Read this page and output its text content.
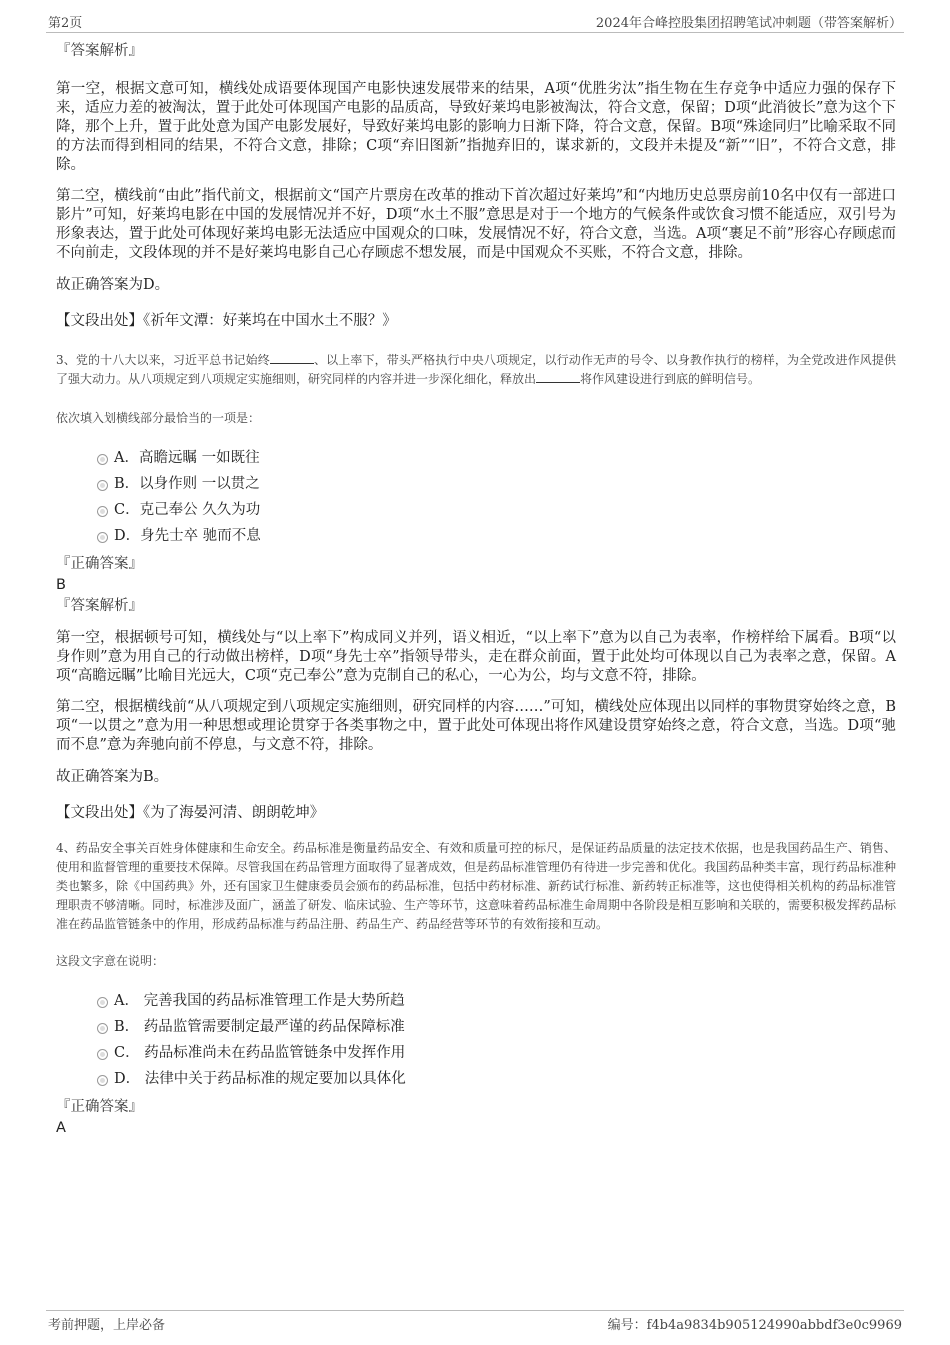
第2页	2024年合峰控股集团招聘笔试冲刺题（带答案解析）

『答案解析』

第一空，根据文意可知，横线处成语要体现国产电影快速发展带来的结果，A项“优胜劣汰”指生物在生存竞争中适应力强的保存下来，适应力差的被淘汰，置于此处可体现国产电影的品质高，导致好莱坞电影被淘汰，符合文意，保留；D项“此消彼长”意为这个下降，那个上升，置于此处意为国产电影发展好，导致好莱坞电影的影响力日渐下降，符合文意，保留。B项“殊途同归”比喻采取不同的方法而得到相同的结果，不符合文意，排除；C项“弃旧图新”指抛弃旧的，谋求新的，文段并未提及“新”“旧”，不符合文意，排除。

第二空，横线前“由此”指代前文，根据前文“国产片票房在改革的推动下首次超过好莱坞”和“内地历史总票房前10名中仅有一部进口影片”可知，好莱坞电影在中国的发展情况并不好，D项“水土不服”意思是对于一个地方的气候条件或饮食习惯不能适应，双引号为形象表达，置于此处可体现好莱坞电影无法适应中国观众的口味，发展情况不好，符合文意，当选。A项“裹足不前”形容心存顾虑而不向前走，文段体现的并不是好莱坞电影自己心存顾虑不想发展，而是中国观众不买账，不符合文意，排除。

故正确答案为D。

【文段出处】《祈年文潭：好莱坞在中国水土不服？》

3、党的十八大以来，习近平总书记始终	、以上率下，带头严格执行中央八项规定，以行动作无声的号令、以身教作执行的榜样，为全党改进作风提供了强大动力。从八项规定到八项规定实施细则，研究同样的内容并进一步深化细化，释放出	将作风建设进行到底的鲜明信号。

依次填入划横线部分最恰当的一项是：

A．高瞻远瞩 一如既往
B．以身作则 一以贯之
C．克己奉公 久久为功
D．身先士卒 驰而不息

『正确答案』

B

『答案解析』

第一空，根据顿号可知，横线处与“以上率下”构成同义并列，语义相近，“以上率下”意为以自己为表率，作榜样给下属看。B项“以身作则”意为用自己的行动做出榜样，D项“身先士卒”指领导带头，走在群众前面，置于此处均可体现以自己为表率之意，保留。A项“高瞻远瞩”比喻目光远大，C项“克己奉公”意为克制自己的私心，一心为公，均与文意不符，排除。

第二空，根据横线前“从八项规定到八项规定实施细则，研究同样的内容……”可知，横线处应体现出以同样的事物贯穿始终之意，B项“一以贯之”意为用一种思想或理论贯穿于各类事物之中，置于此处可体现出将作风建设贯穿始终之意，符合文意，当选。D项“驰而不息”意为奔驰向前不停息，与文意不符，排除。

故正确答案为B。

【文段出处】《为了海晏河清、朗朗乾坤》

4、药品安全事关百姓身体健康和生命安全。药品标准是衡量药品安全、有效和质量可控的标尺，是保证药品质量的法定技术依据，也是我国药品生产、销售、使用和监督管理的重要技术保障。尽管我国在药品管理方面取得了显著成效，但是药品标准管理仍有待进一步完善和优化。我国药品种类丰富，现行药品标准种类也繁多，除《中国药典》外，还有国家卫生健康委员会颁布的药品标准，包括中药材标准、新药试行标准、新药转正标准等，这也使得相关机构的药品标准管理职责不够清晰。同时，标准涉及面广，涵盖了研发、临床试验、生产等环节，这意味着药品标准生命周期中各阶段是相互影响和关联的，需要积极发挥药品标准在药品监管链条中的作用，形成药品标准与药品注册、药品生产、药品经营等环节的有效衔接和互动。

这段文字意在说明：

A． 完善我国的药品标准管理工作是大势所趋
B． 药品监管需要制定最严谨的药品保障标准
C． 药品标准尚未在药品监管链条中发挥作用
D． 法律中关于药品标准的规定要加以具体化

『正确答案』

A

考前押题，上岸必备	编号：f4b4a9834b905124990abbdf3e0c9969
